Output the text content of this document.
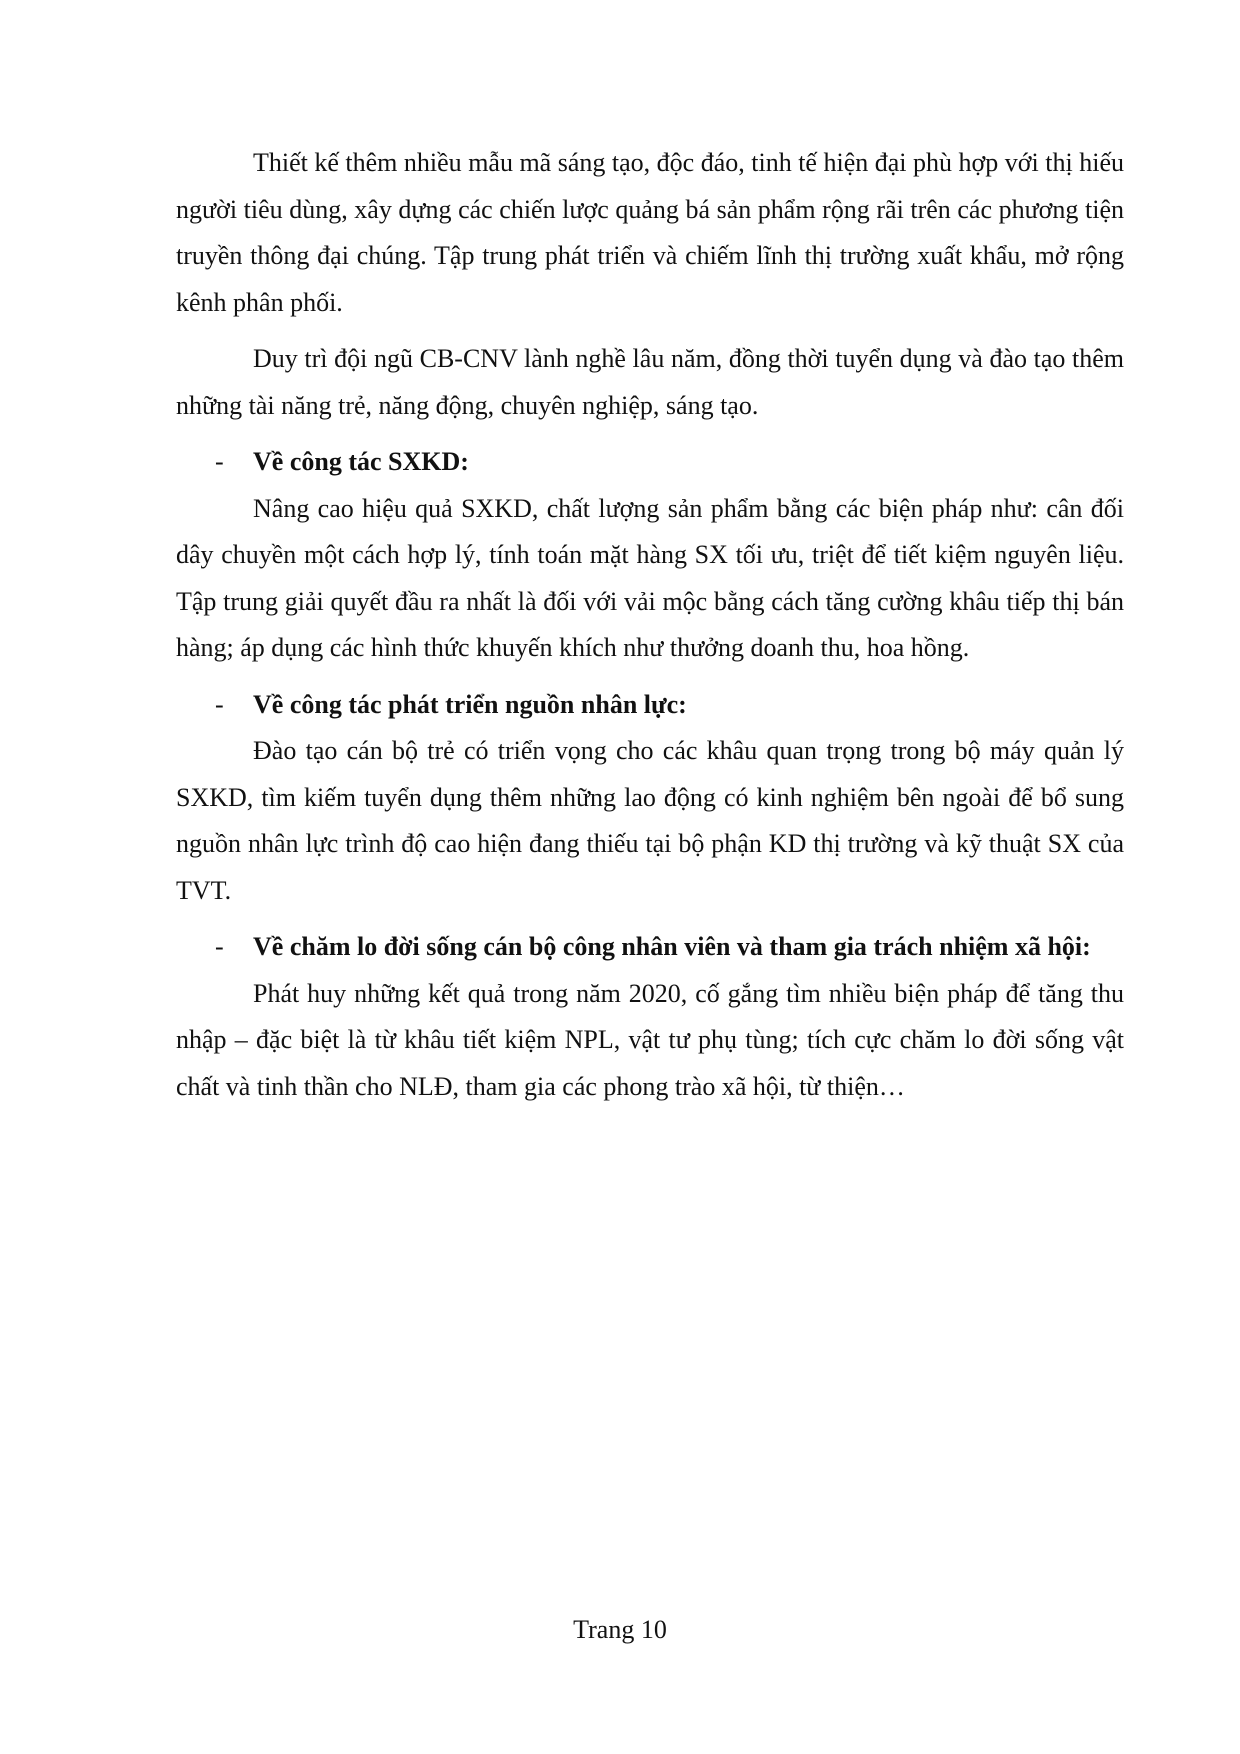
Thiết kế thêm nhiều mẫu mã sáng tạo, độc đáo, tinh tế hiện đại phù hợp với thị hiếu người tiêu dùng, xây dựng các chiến lược quảng bá sản phẩm rộng rãi trên các phương tiện truyền thông đại chúng. Tập trung phát triển và chiếm lĩnh thị trường xuất khẩu, mở rộng kênh phân phối.

Duy trì đội ngũ CB-CNV lành nghề lâu năm, đồng thời tuyển dụng và đào tạo thêm những tài năng trẻ, năng động, chuyên nghiệp, sáng tạo.

- Về công tác SXKD:

Nâng cao hiệu quả SXKD, chất lượng sản phẩm bằng các biện pháp như: cân đối dây chuyền một cách hợp lý, tính toán mặt hàng SX tối ưu, triệt để tiết kiệm nguyên liệu. Tập trung giải quyết đầu ra nhất là đối với vải mộc bằng cách tăng cường khâu tiếp thị bán hàng; áp dụng các hình thức khuyến khích như thưởng doanh thu, hoa hồng.

- Về công tác phát triển nguồn nhân lực:

Đào tạo cán bộ trẻ có triển vọng cho các khâu quan trọng trong bộ máy quản lý SXKD, tìm kiếm tuyển dụng thêm những lao động có kinh nghiệm bên ngoài để bổ sung nguồn nhân lực trình độ cao hiện đang thiếu tại bộ phận KD thị trường và kỹ thuật SX của TVT.

- Về chăm lo đời sống cán bộ công nhân viên và tham gia trách nhiệm xã hội:

Phát huy những kết quả trong năm 2020, cố gắng tìm nhiều biện pháp để tăng thu nhập – đặc biệt là từ khâu tiết kiệm NPL, vật tư phụ tùng; tích cực chăm lo đời sống vật chất và tinh thần cho NLĐ, tham gia các phong trào xã hội, từ thiện…

Trang 10
